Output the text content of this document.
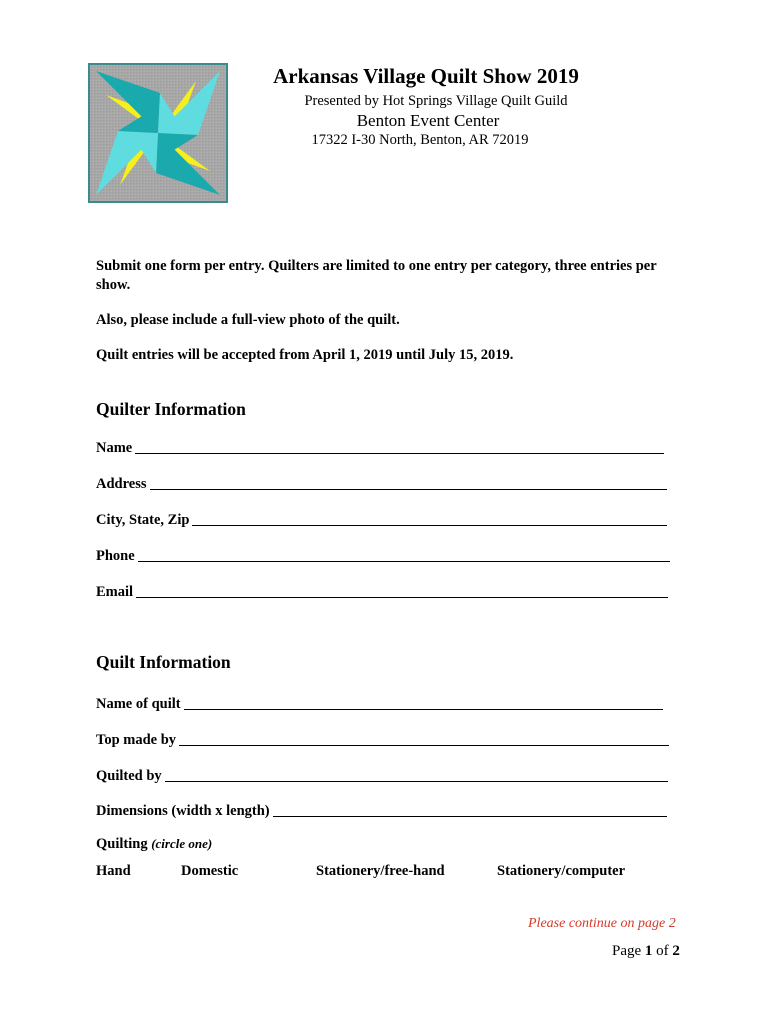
Arkansas Village Quilt Show 2019
Presented by Hot Springs Village Quilt Guild
Benton Event Center
17322 I-30 North, Benton, AR 72019
Submit one form per entry. Quilters are limited to one entry per category, three entries per show.
Also, please include a full-view photo of the quilt.
Quilt entries will be accepted from April 1, 2019 until July 15, 2019.
Quilter Information
Name
Address
City, State, Zip
Phone
Email
Quilt Information
Name of quilt
Top made by
Quilted by
Dimensions (width x length)
Quilting (circle one)
Hand	Domestic	Stationery/free-hand	Stationery/computer
Please continue on page 2
Page 1 of 2
